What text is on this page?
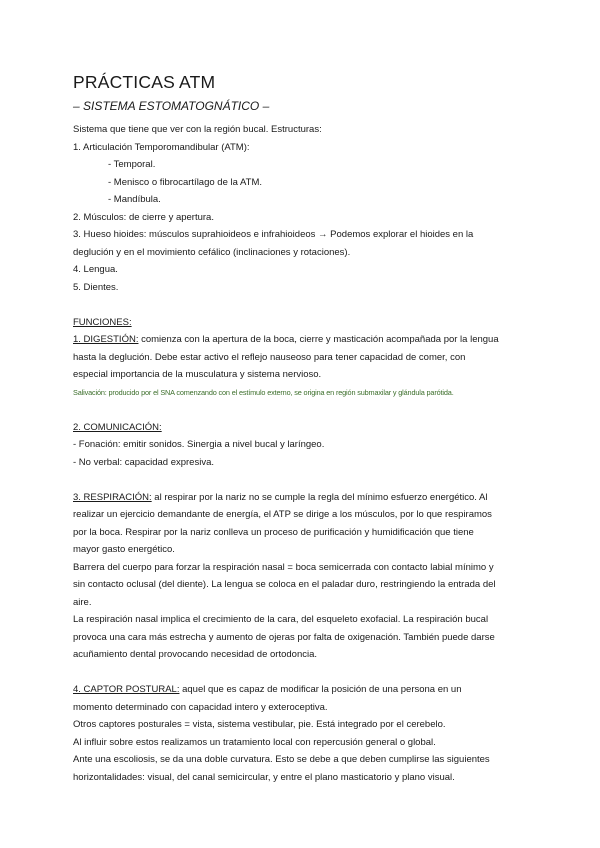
PRÁCTICAS ATM
– SISTEMA ESTOMATOGNÁTICO –
Sistema que tiene que ver con la región bucal. Estructuras:
1. Articulación Temporomandibular (ATM):
- Temporal.
- Menisco o fibrocartílago de la ATM.
- Mandíbula.
2. Músculos: de cierre y apertura.
3. Hueso hioides: músculos suprahioideos e infrahioideos → Podemos explorar el hioides en la
deglución y en el movimiento cefálico (inclinaciones y rotaciones).
4. Lengua.
5. Dientes.
FUNCIONES:
1. DIGESTIÓN: comienza con la apertura de la boca, cierre y masticación acompañada por la lengua
hasta la deglución. Debe estar activo el reflejo nauseoso para tener capacidad de comer, con
especial importancia de la musculatura y sistema nervioso.
Salivación: producido por el SNA comenzando con el estímulo externo, se origina en región submaxilar y glándula parótida.
2. COMUNICACIÓN:
- Fonación: emitir sonidos. Sinergia a nivel bucal y laríngeo.
- No verbal: capacidad expresiva.
3. RESPIRACIÓN: al respirar por la nariz no se cumple la regla del mínimo esfuerzo energético. Al
realizar un ejercicio demandante de energía, el ATP se dirige a los músculos, por lo que respiramos
por la boca. Respirar por la nariz conlleva un proceso de purificación y humidificación que tiene
mayor gasto energético.
Barrera del cuerpo para forzar la respiración nasal = boca semicerrada con contacto labial mínimo y
sin contacto oclusal (del diente). La lengua se coloca en el paladar duro, restringiendo la entrada del
aire.
La respiración nasal implica el crecimiento de la cara, del esqueleto exofacial. La respiración bucal
provoca una cara más estrecha y aumento de ojeras por falta de oxigenación. También puede darse
acuñamiento dental provocando necesidad de ortodoncia.
4. CAPTOR POSTURAL: aquel que es capaz de modificar la posición de una persona en un
momento determinado con capacidad intero y exteroceptiva.
Otros captores posturales = vista, sistema vestibular, pie. Está integrado por el cerebelo.
Al influir sobre estos realizamos un tratamiento local con repercusión general o global.
Ante una escoliosis, se da una doble curvatura. Esto se debe a que deben cumplirse las siguientes
horizontalidades: visual, del canal semicircular, y entre el plano masticatorio y plano visual.
